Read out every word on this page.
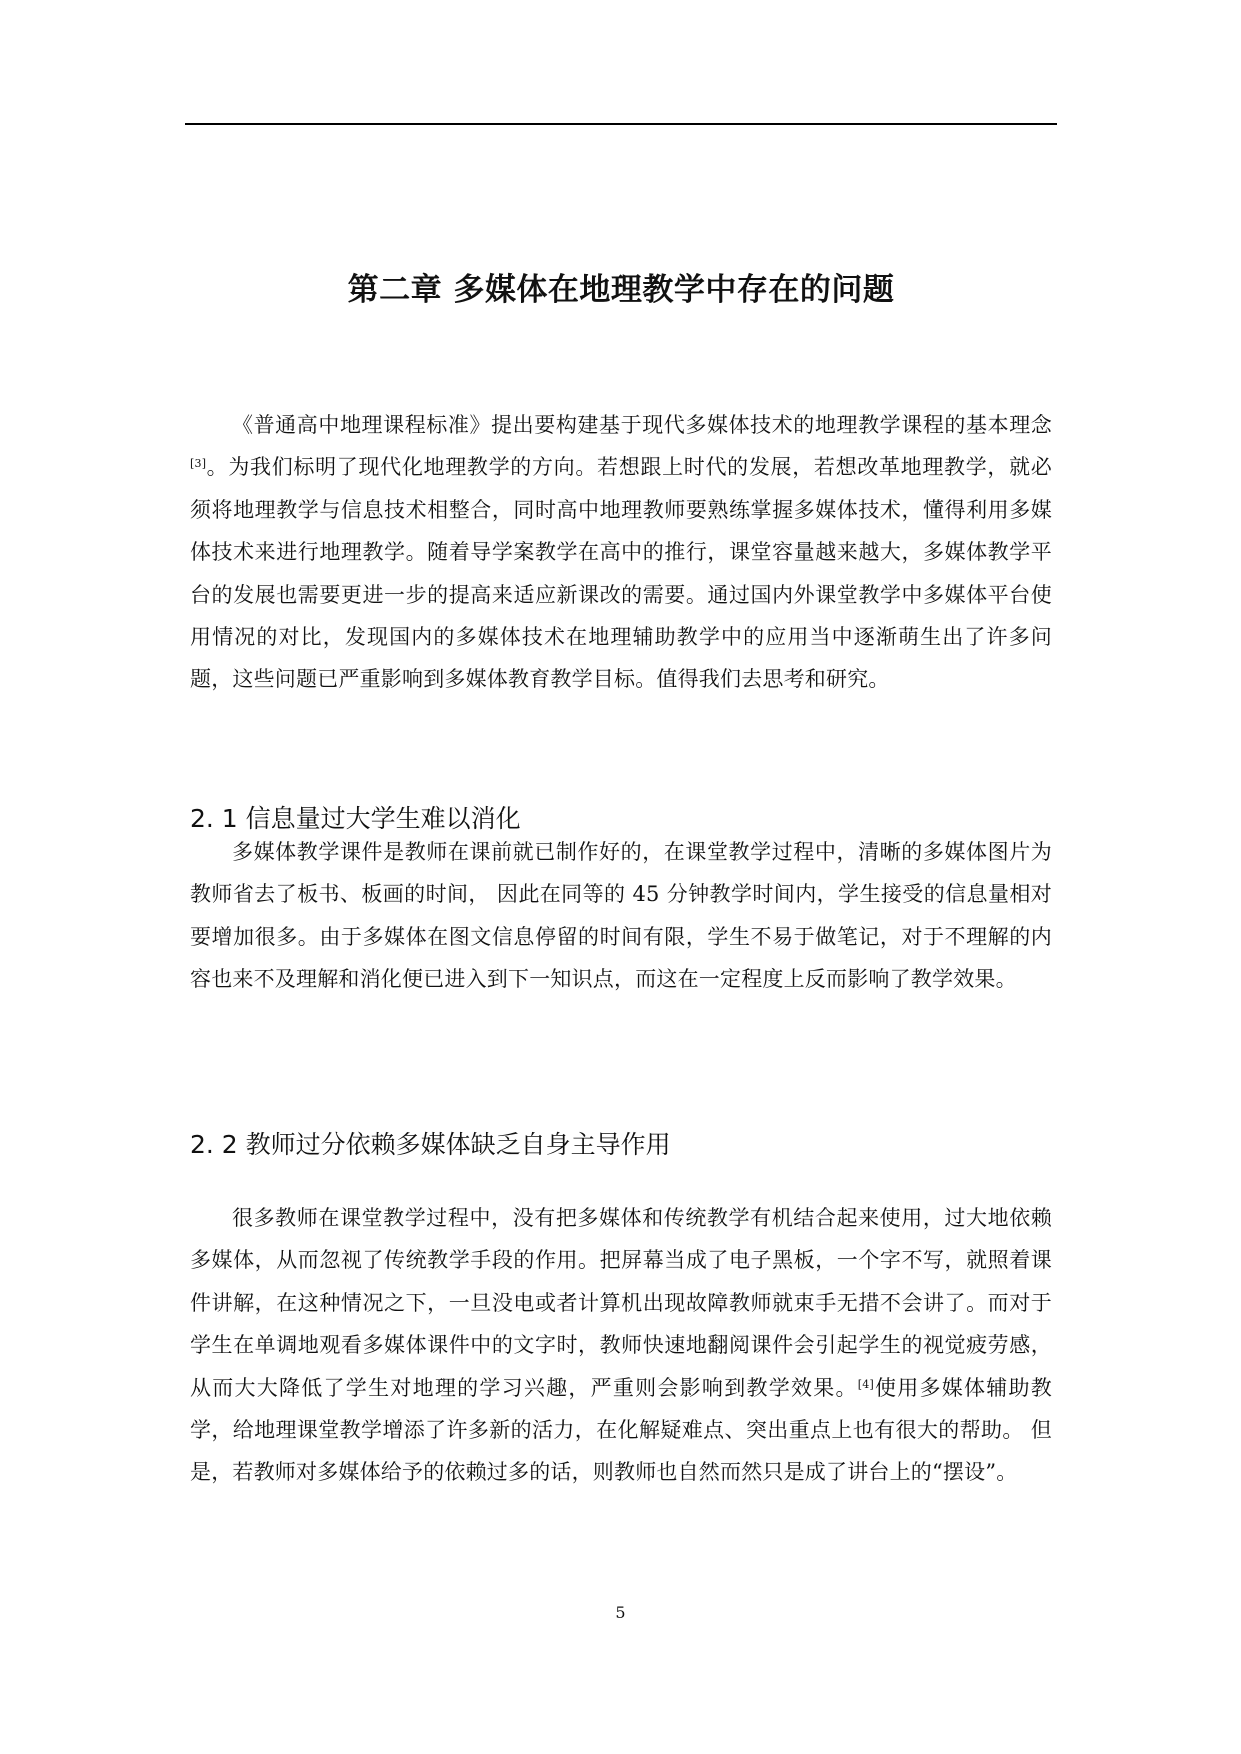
第二章 多媒体在地理教学中存在的问题

《普通高中地理课程标准》提出要构建基于现代多媒体技术的地理教学课程的基本理念[3]。为我们标明了现代化地理教学的方向。若想跟上时代的发展，若想改革地理教学，就必须将地理教学与信息技术相整合，同时高中地理教师要熟练掌握多媒体技术，懂得利用多媒体技术来进行地理教学。随着导学案教学在高中的推行，课堂容量越来越大，多媒体教学平台的发展也需要更进一步的提高来适应新课改的需要。通过国内外课堂教学中多媒体平台使用情况的对比，发现国内的多媒体技术在地理辅助教学中的应用当中逐渐萌生出了许多问题，这些问题已严重影响到多媒体教育教学目标。值得我们去思考和研究。

2. 1 信息量过大学生难以消化

多媒体教学课件是教师在课前就已制作好的，在课堂教学过程中，清晰的多媒体图片为教师省去了板书、板画的时间， 因此在同等的 45 分钟教学时间内，学生接受的信息量相对要增加很多。由于多媒体在图文信息停留的时间有限，学生不易于做笔记，对于不理解的内容也来不及理解和消化便已进入到下一知识点，而这在一定程度上反而影响了教学效果。

2. 2 教师过分依赖多媒体缺乏自身主导作用

很多教师在课堂教学过程中，没有把多媒体和传统教学有机结合起来使用，过大地依赖多媒体，从而忽视了传统教学手段的作用。把屏幕当成了电子黑板，一个字不写，就照着课件讲解，在这种情况之下，一旦没电或者计算机出现故障教师就束手无措不会讲了。而对于学生在单调地观看多媒体课件中的文字时，教师快速地翻阅课件会引起学生的视觉疲劳感，从而大大降低了学生对地理的学习兴趣，严重则会影响到教学效果。[4]使用多媒体辅助教学，给地理课堂教学增添了许多新的活力，在化解疑难点、突出重点上也有很大的帮助。 但是，若教师对多媒体给予的依赖过多的话，则教师也自然而然只是成了讲台上的“摆设”。

5
